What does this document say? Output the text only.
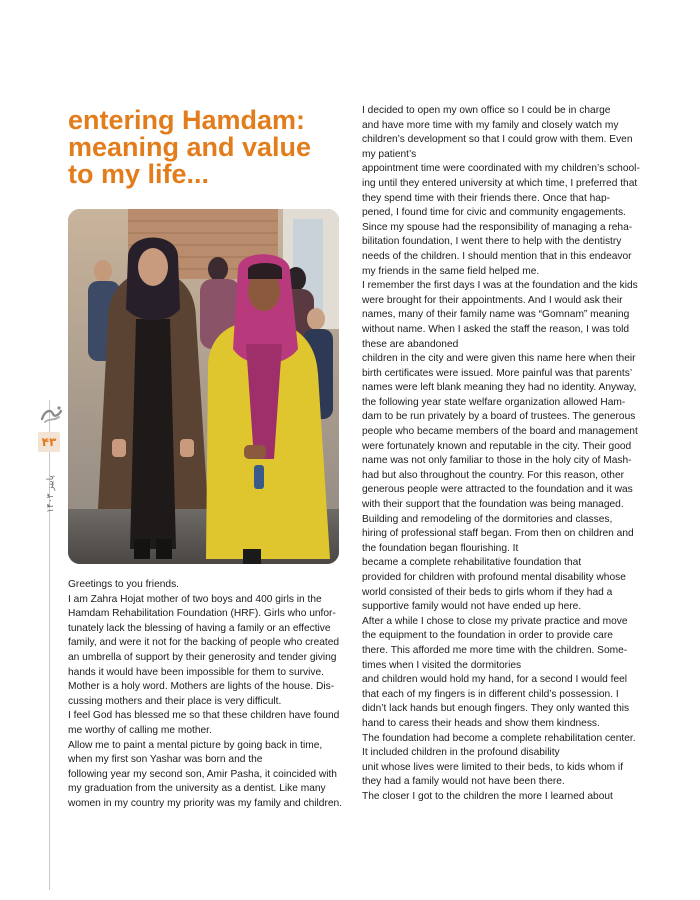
۴۳
پاییز ۱۴۰۳
entering Hamdam:
meaning and value
to my life...

Greetings to you friends.

I am Zahra Hojat mother of two boys and 400 girls in the

Hamdam Rehabilitation Foundation (HRF). Girls who unfor-

tunately lack the blessing of having a family or an effective

family, and were it not for the backing of people who created

an umbrella of support by their generosity and tender giving

hands it would have been impossible for them to survive.

Mother is a holy word. Mothers are lights of the house. Dis-

cussing mothers and their place is very difficult.

I feel God has blessed me so that these children have found

me worthy of calling me mother.

Allow me to paint a mental picture by going back in time,

when my first son Yashar was born and the

following year my second son, Amir Pasha, it coincided with

my graduation from the university as a dentist. Like many

women in my country my priority was my family and children.

I decided to open my own office so I could be in charge

and have more time with my family and closely watch my

children’s development so that I could grow with them. Even

my patient’s

appointment time were coordinated with my children’s school-

ing until they entered university at which time, I preferred that

they spend time with their friends there. Once that hap-

pened, I found time for civic and community engagements.

Since my spouse had the responsibility of managing a reha-

bilitation foundation, I went there to help with the dentistry

needs of the children. I should mention that in this endeavor

my friends in the same field helped me.

I remember the first days I was at the foundation and the kids

were brought for their appointments. And I would ask their

names, many of their family name was “Gomnam” meaning

without name. When I asked the staff the reason, I was told

these are abandoned

children in the city and were given this name here when their

birth certificates were issued. More painful was that parents’

names were left blank meaning they had no identity. Anyway,

the following year state welfare organization allowed Ham-

dam to be run privately by a board of trustees. The generous

people who became members of the board and management

were fortunately known and reputable in the city. Their good

name was not only familiar to those in the holy city of Mash-

had but also throughout the country. For this reason, other

generous people were attracted to the foundation and it was

with their support that the foundation was being managed.

Building and remodeling of the dormitories and classes,

hiring of professional staff began. From then on children and

the foundation began flourishing. It

became a complete rehabilitative foundation that

provided for children with profound mental disability whose

world consisted of their beds to girls whom if they had a

supportive family would not have ended up here.

After a while I chose to close my private practice and move

the equipment to the foundation in order to provide care

there. This afforded me more time with the children. Some-

times when I visited the dormitories

and children would hold my hand, for a second I would feel

that each of my fingers is in different child’s possession. I

didn’t lack hands but enough fingers. They only wanted this

hand to caress their heads and show them kindness.

The foundation had become a complete rehabilitation center.

It included children in the profound disability

unit whose lives were limited to their beds, to kids whom if

they had a family would not have been there.

The closer I got to the children the more I learned about
